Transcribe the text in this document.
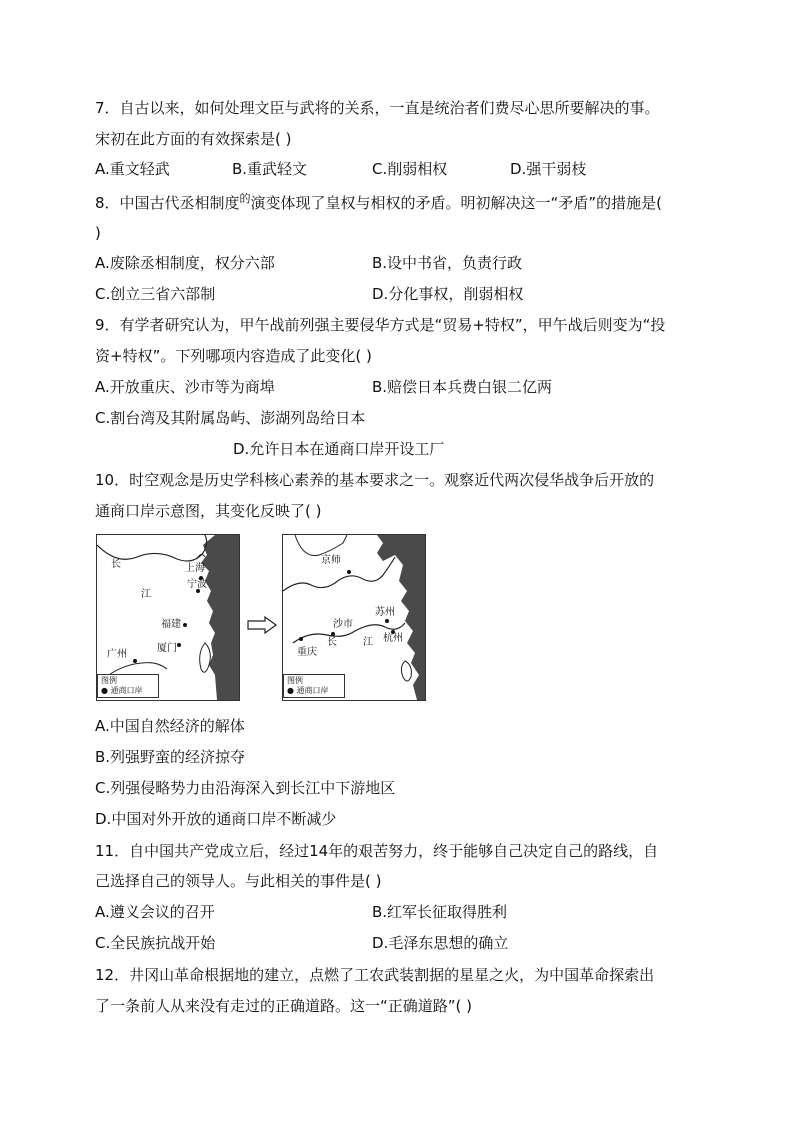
7．自古以来，如何处理文臣与武将的关系，一直是统治者们费尽心思所要解决的事。
宋初在此方面的有效探索是( )
A.重文轻武	B.重武轻文	C.削弱相权	D.强干弱枝
8．中国古代丞相制度$^的$演变体现了皇权与相权的矛盾。明初解决这一“矛盾”的措施是(
)
A.废除丞相制度，权分六部	B.设中书省，负责行政
C.创立三省六部制	D.分化事权，削弱相权
9．有学者研究认为，甲午战前列强主要侵华方式是“贸易+特权”，甲午战后则变为“投
资+特权”。下列哪项内容造成了此变化( )
A.开放重庆、沙市等为商埠	B.赔偿日本兵费白银二亿两
C.割台湾及其附属岛屿、澎湖列岛给日本
D.允许日本在通商口岸开设工厂
10．时空观念是历史学科核心素养的基本要求之一。观察近代两次侵华战争后开放的
通商口岸示意图，其变化反映了( )
长
江
上海
宁波
福建
广州
厦门
图例
● 通商口岸
京师
苏州
沙市
长	江
重庆
杭州
图例
● 通商口岸
A.中国自然经济的解体
B.列强野蛮的经济掠夺
C.列强侵略势力由沿海深入到长江中下游地区
D.中国对外开放的通商口岸不断减少
11．自中国共产党成立后，经过14年的艰苦努力，终于能够自己决定自己的路线，自
己选择自己的领导人。与此相关的事件是( )
A.遵义会议的召开	B.红军长征取得胜利
C.全民族抗战开始	D.毛泽东思想的确立
12．井冈山革命根据地的建立，点燃了工农武装割据的星星之火，为中国革命探索出
了一条前人从来没有走过的正确道路。这一“正确道路”( )
